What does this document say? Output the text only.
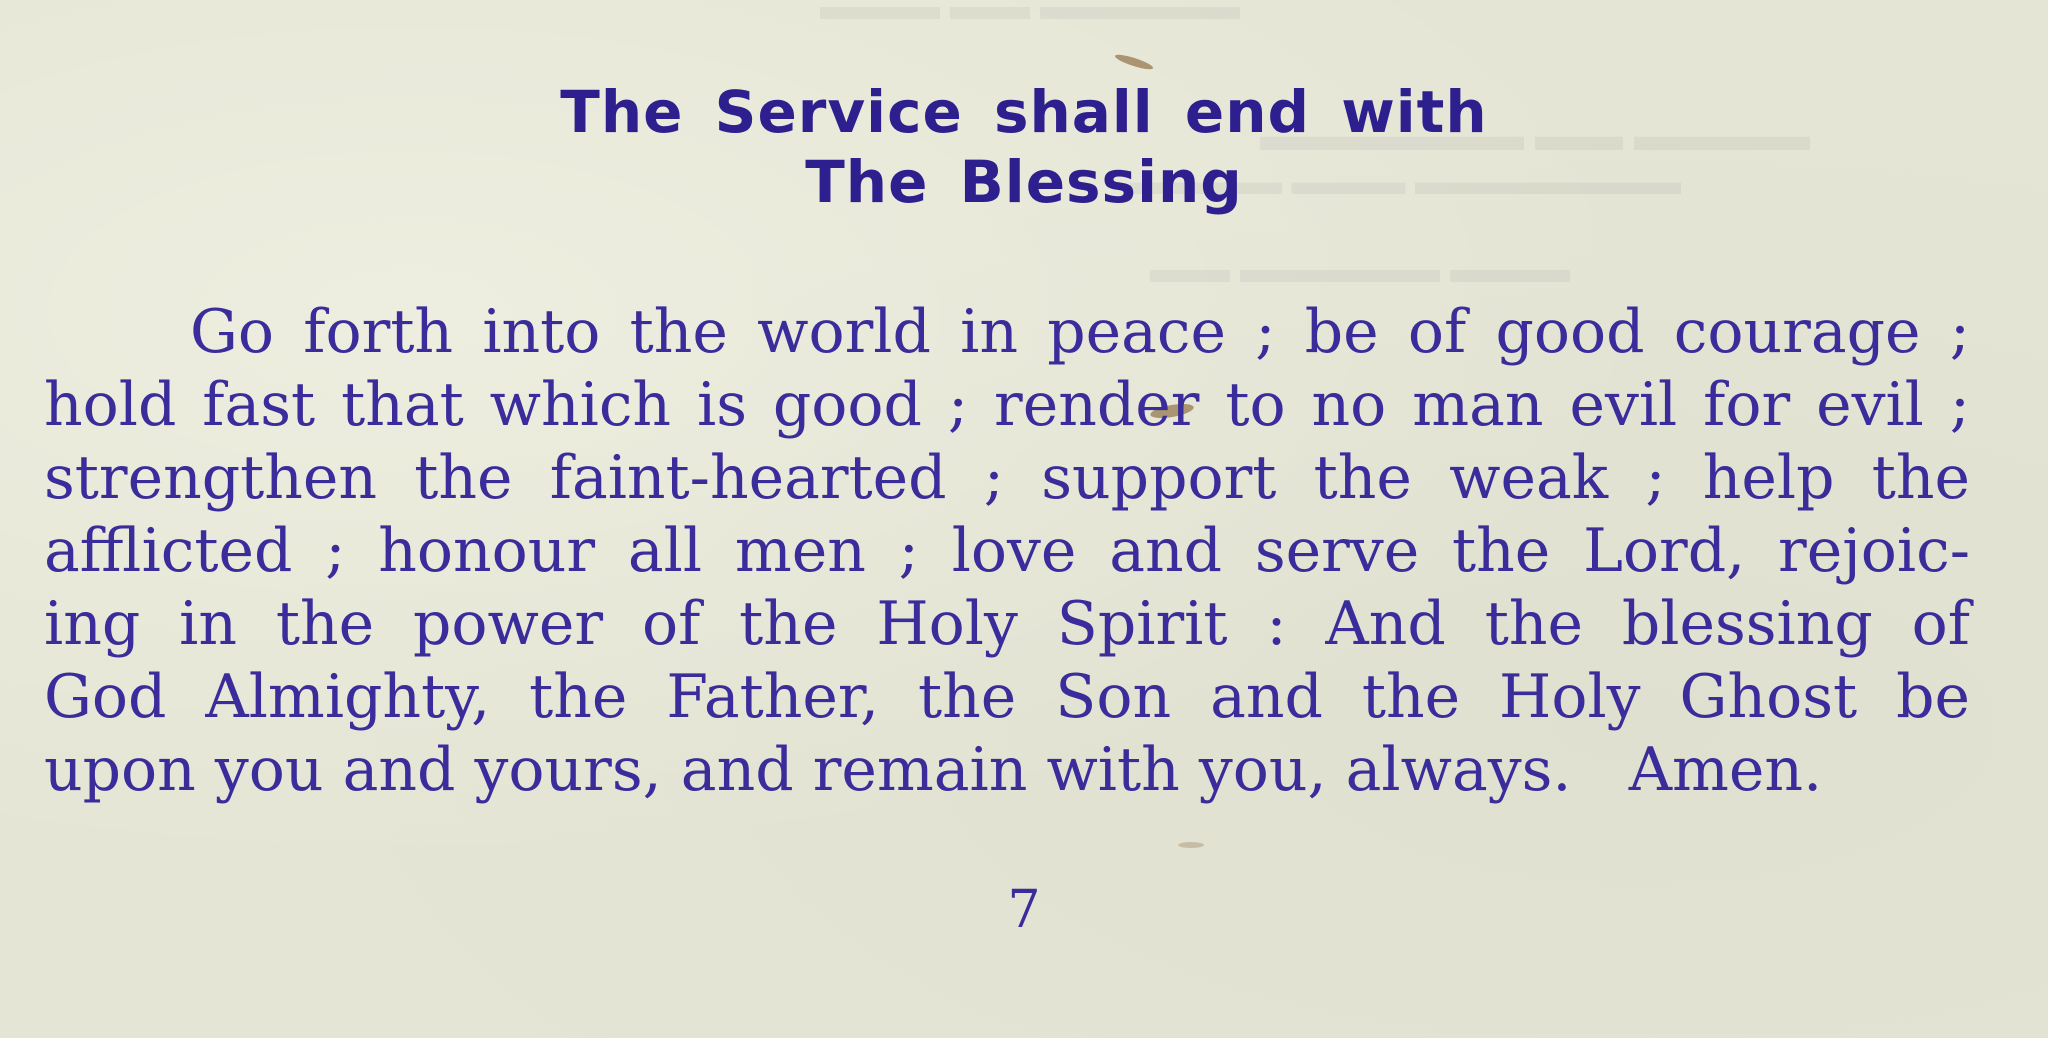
▬▬▬ ▬▬ ▬▬▬▬▬
▬▬▬▬▬▬ ▬▬ ▬▬▬▬
▬▬▬▬ ▬▬▬ ▬▬▬▬▬▬▬
▬▬ ▬▬▬▬▬ ▬▬▬
The Service shall end with
The Blessing
Go forth into the world in peace ; be of good courage ;
hold fast that which is good ; render to no man evil for evil ;
strengthen the faint-hearted ; support the weak ; help the
afflicted ; honour all men ; love and serve the Lord, rejoic-
ing in the power of the Holy Spirit : And the blessing of
God Almighty, the Father, the Son and the Holy Ghost be
upon you and yours, and remain with you, always.   Amen.
7
